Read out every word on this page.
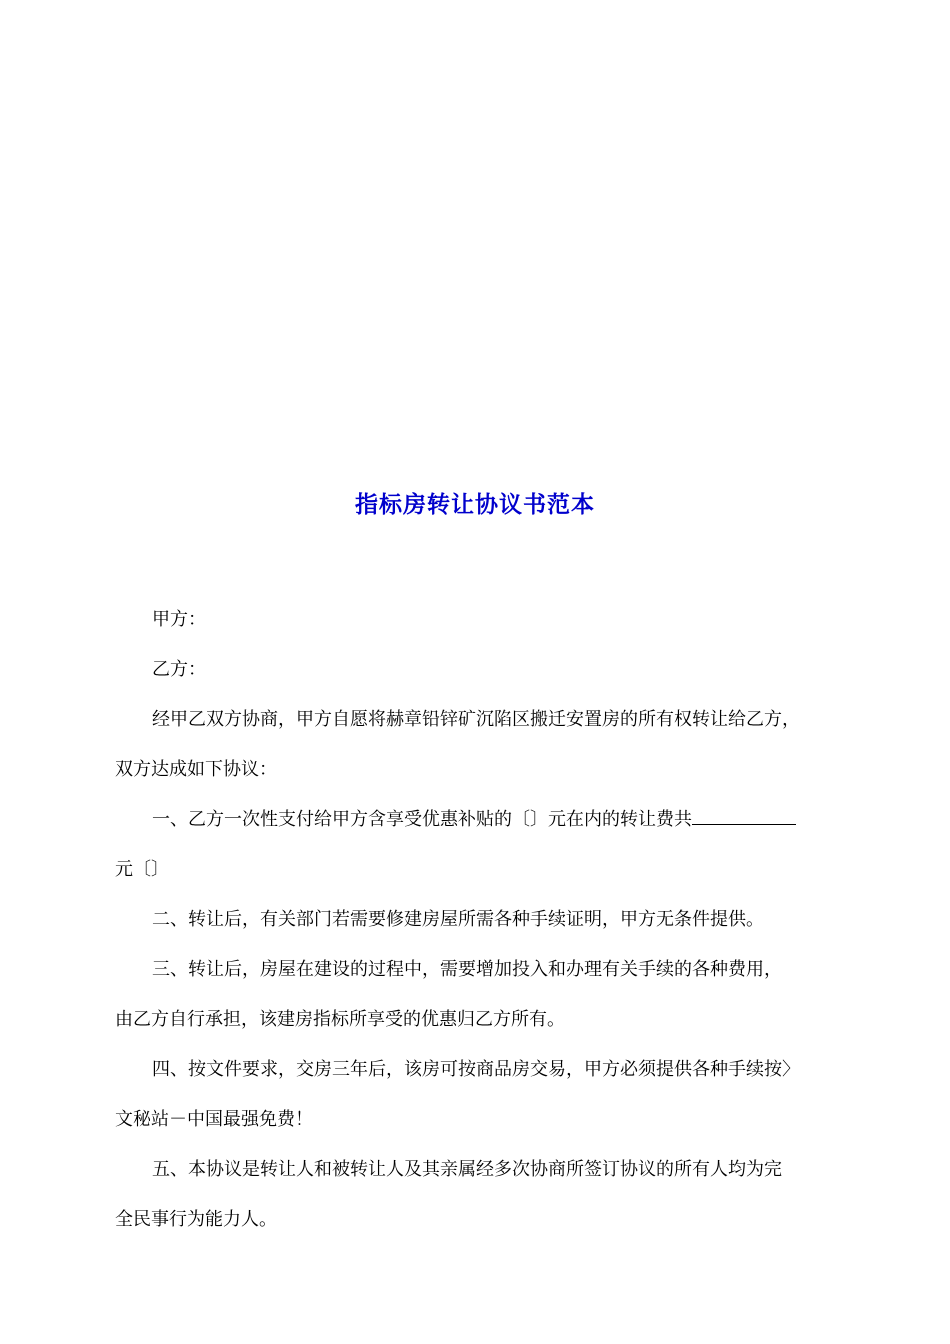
指标房转让协议书范本
甲方：
乙方：
经甲乙双方协商，甲方自愿将赫章铅锌矿沉陷区搬迁安置房的所有权转让给乙方，
双方达成如下协议：
一、乙方一次性支付给甲方含享受优惠补贴的〔〕元在内的转让费共
元〔〕
二、转让后，有关部门若需要修建房屋所需各种手续证明，甲方无条件提供。
三、转让后，房屋在建设的过程中，需要增加投入和办理有关手续的各种费用，
由乙方自行承担，该建房指标所享受的优惠归乙方所有。
四、按文件要求，交房三年后，该房可按商品房交易，甲方必须提供各种手续按〉
文秘站－中国最强免费！
五、本协议是转让人和被转让人及其亲属经多次协商所签订协议的所有人均为完
全民事行为能力人。
